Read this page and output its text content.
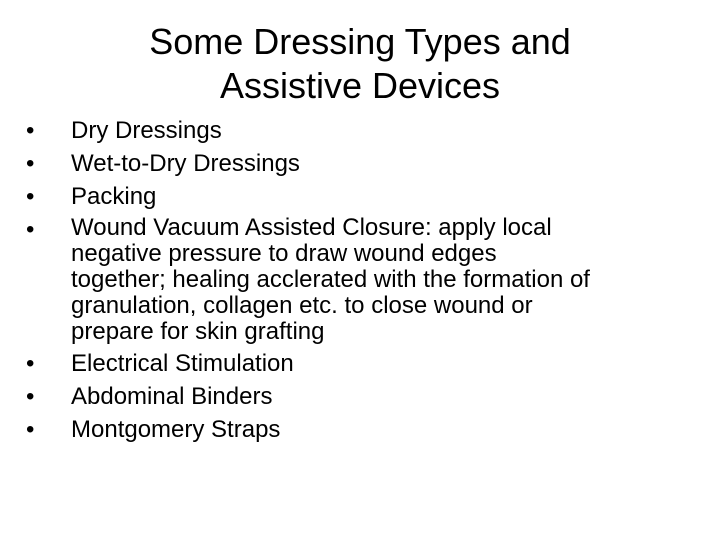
Some Dressing Types and
Assistive Devices
•	Dry Dressings
•	Wet-to-Dry Dressings
•	Packing
•	Wound Vacuum Assisted Closure: apply local
negative pressure to draw wound edges
together; healing acclerated with the formation of
granulation, collagen etc. to close wound or
prepare for skin grafting
•	Electrical Stimulation
•	Abdominal Binders
•	Montgomery Straps
